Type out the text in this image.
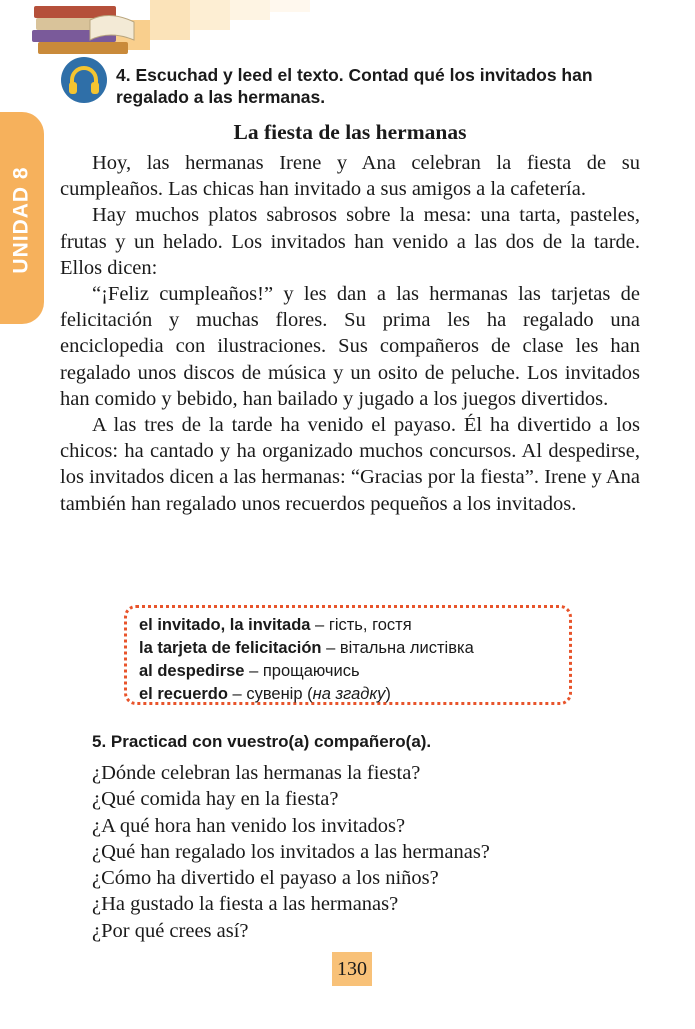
UNIDAD 8
4. Escuchad y leed el texto. Contad qué los invitados han regalado a las hermanas.
La fiesta de las hermanas

Hoy, las hermanas Irene y Ana celebran la fiesta de su cumpleaños. Las chicas han invitado a sus amigos a la cafetería.

Hay muchos platos sabrosos sobre la mesa: una tarta, pasteles, frutas y un helado. Los invitados han venido a las dos de la tarde. Ellos dicen:

“¡Feliz cumpleaños!” y les dan a las hermanas las tarjetas de felicitación y muchas flores. Su prima les ha regalado una enciclopedia con ilustraciones. Sus compañeros de clase les han regalado unos discos de música y un osito de peluche. Los invitados han comido y bebido, han bailado y jugado a los juegos divertidos.

A las tres de la tarde ha venido el payaso. Él ha divertido a los chicos: ha cantado y ha organizado muchos concursos. Al despedirse, los invitados dicen a las hermanas: “Gracias por la fiesta”. Irene y Ana también han regalado unos recuerdos pequeños a los invitados.

el invitado, la invitada – гість, гостя
la tarjeta de felicitación – вітальна листівка
al despedirse – прощаючись
el recuerdo – сувенір (на згадку)
5. Practicad con vuestro(a) compañero(a).
¿Dónde celebran las hermanas la fiesta?
¿Qué comida hay en la fiesta?
¿A qué hora han venido los invitados?
¿Qué han regalado los invitados a las hermanas?
¿Cómo ha divertido el payaso a los niños?
¿Ha gustado la fiesta a las hermanas?
¿Por qué crees así?
130
